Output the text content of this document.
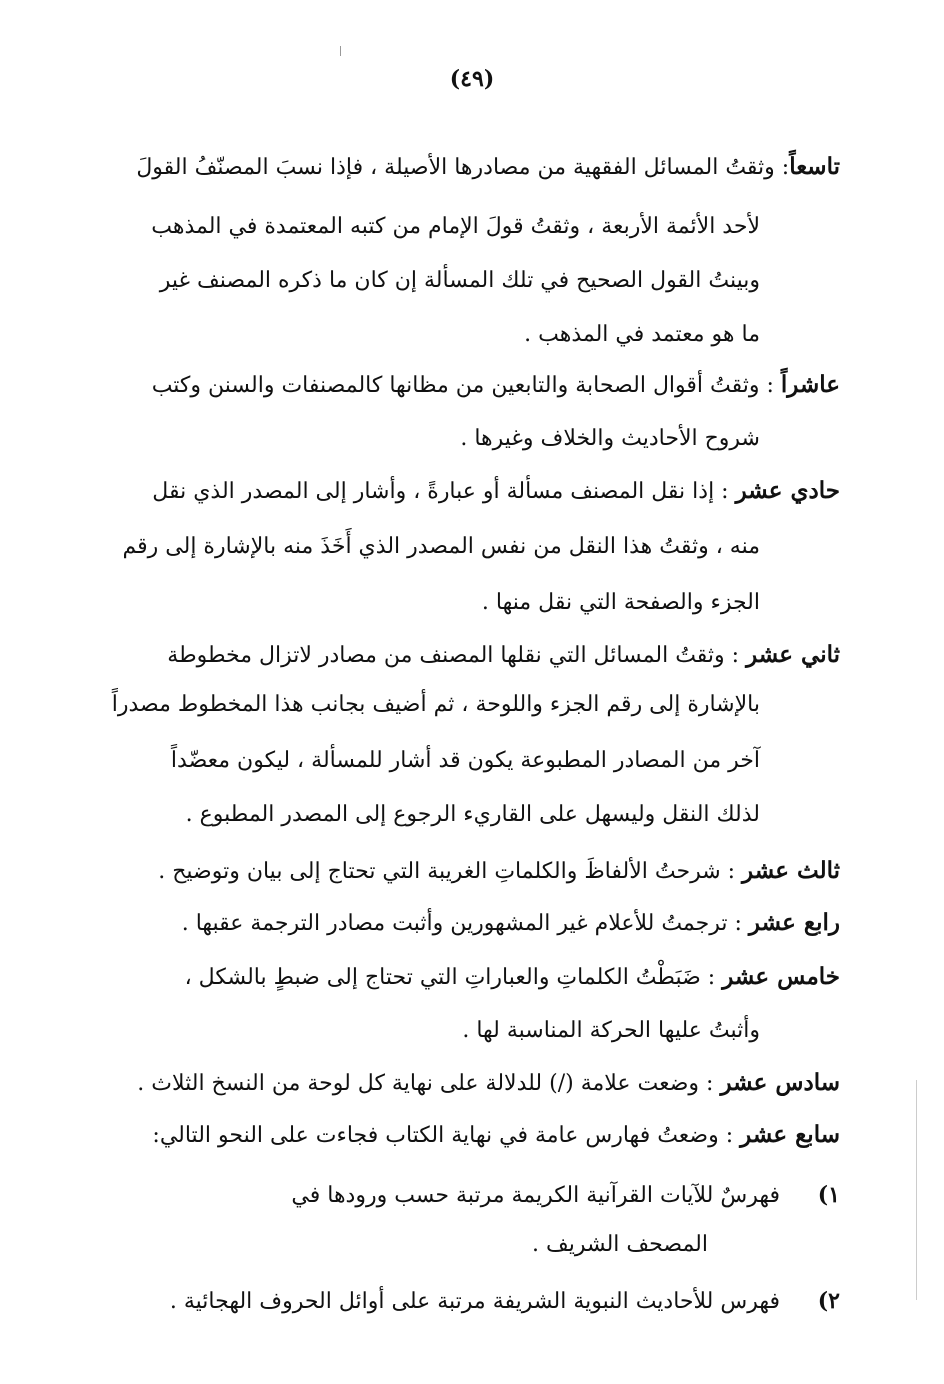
(٤٩)
تاسعاً: وثقتُ المسائل الفقهية من مصادرها الأصيلة ، فإذا نسبَ المصنّفُ القولَ
لأحد الأئمة الأربعة ، وثقتُ قولَ الإمام من كتبه المعتمدة في المذهب
وبينتُ القول الصحيح في تلك المسألة إن كان ما ذكره المصنف غير
ما هو معتمد في المذهب .
عاشراً : وثقتُ أقوال الصحابة والتابعين من مظانها كالمصنفات والسنن وكتب
شروح الأحاديث والخلاف وغيرها .
حادي عشر : إذا نقل المصنف مسألة أو عبارةً ، وأشار إلى المصدر الذي نقل
منه ، وثقتُ هذا النقل من نفس المصدر الذي أَخَذَ منه بالإشارة إلى رقم
الجزء والصفحة التي نقل منها .
ثاني عشر : وثقتُ المسائل التي نقلها المصنف من مصادر لاتزال مخطوطة
بالإشارة إلى رقم الجزء واللوحة ، ثم أضيف بجانب هذا المخطوط مصدراً
آخر من المصادر المطبوعة يكون قد أشار للمسألة ، ليكون معضّداً
لذلك النقل وليسهل على القاريء الرجوع إلى المصدر المطبوع .
ثالث عشر : شرحتُ الألفاظَ والكلماتِ الغريبة التي تحتاج إلى بيان وتوضيح .
رابع عشر : ترجمتُ للأعلام غير المشهورين وأثبت مصادر الترجمة عقبها .
خامس عشر : ضَبَطْتُ الكلماتِ والعباراتِ التي تحتاج إلى ضبطٍ بالشكل ،
وأثبتُ عليها الحركة المناسبة لها .
سادس عشر : وضعت علامة (/) للدلالة على نهاية كل لوحة من النسخ الثلاث .
سابع عشر : وضعتُ فهارس عامة في نهاية الكتاب فجاءت على النحو التالي:
١)فهرسٌ للآيات القرآنية الكريمة مرتبة حسب ورودها في
المصحف الشريف .
٢)فهرس للأحاديث النبوية الشريفة مرتبة على أوائل الحروف الهجائية .
